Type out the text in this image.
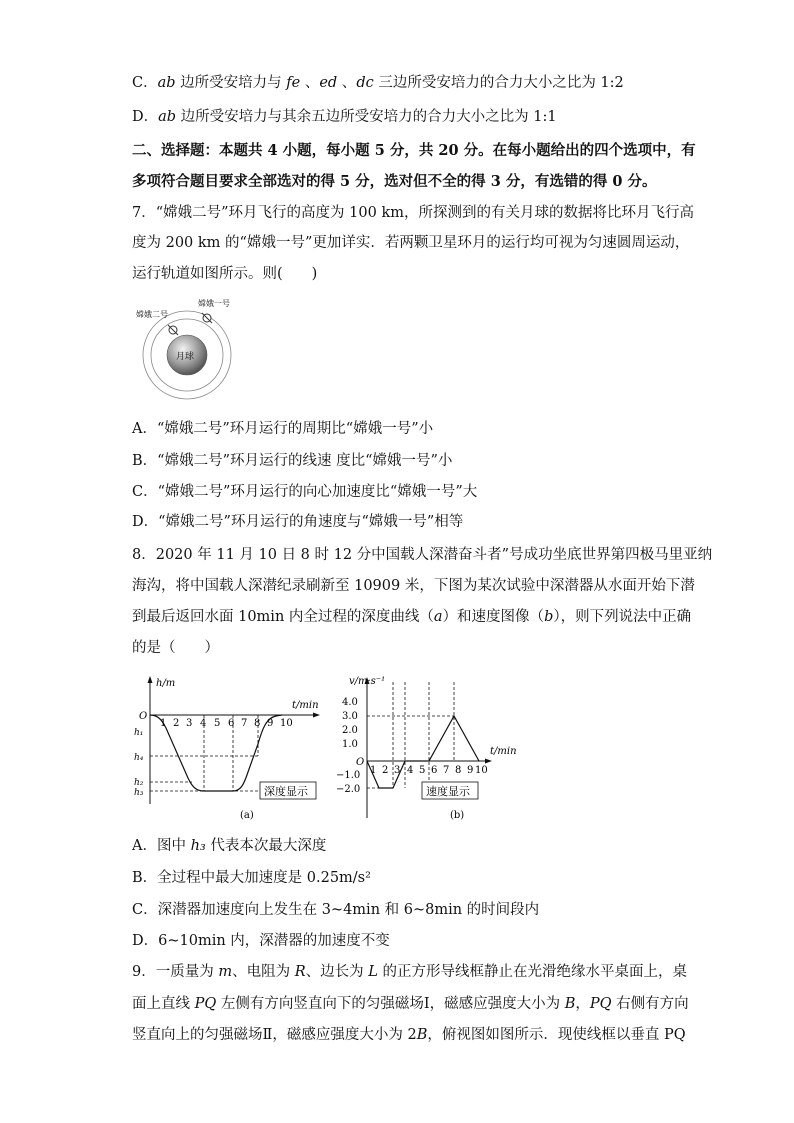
C．ab 边所受安培力与 fe 、ed 、dc 三边所受安培力的合力大小之比为 1:2
D．ab 边所受安培力与其余五边所受安培力的合力大小之比为 1:1
二、选择题：本题共 4 小题，每小题 5 分，共 20 分。在每小题给出的四个选项中，有
多项符合题目要求全部选对的得 5 分，选对但不全的得 3 分，有选错的得 0 分。
7．“嫦娥二号”环月飞行的高度为 100 km，所探测到的有关月球的数据将比环月飞行高
度为 200 km 的“嫦娥一号”更加详实．若两颗卫星环月的运行均可视为匀速圆周运动，
运行轨道如图所示。则(　　)
月球
嫦娥二号
嫦娥一号
A．“嫦娥二号”环月运行的周期比“嫦娥一号”小
B．“嫦娥二号”环月运行的线速 度比“嫦娥一号”小
C．“嫦娥二号”环月运行的向心加速度比“嫦娥一号”大
D．“嫦娥二号”环月运行的角速度与“嫦娥一号”相等
8．2020 年 11 月 10 日 8 时 12 分中国载人深潜奋斗者”号成功坐底世界第四极马里亚纳
海沟，将中国载人深潜纪录刷新至 10909 米，下图为某次试验中深潜器从水面开始下潜
到最后返回水面 10min 内全过程的深度曲线（a）和速度图像（b），则下列说法中正确
的是（　　）
h/m
t/min
O
1 2 3 4 5 6 7 8 9 10
h₁
h₄
h₂
h₃	深度显示
(a)
v/m·s⁻¹
t/min
O
4.0
3.0
2.0
1.0
−1.0
−2.0
1 2 3 4 5 6 7 8 9 10
速度显示
(b)
A．图中 h₃ 代表本次最大深度
B．全过程中最大加速度是 0.25m/s²
C．深潜器加速度向上发生在 3~4min 和 6~8min 的时间段内
D．6~10min 内，深潜器的加速度不变
9．一质量为 m、电阻为 R、边长为 L 的正方形导线框静止在光滑绝缘水平桌面上，桌
面上直线 PQ 左侧有方向竖直向下的匀强磁场Ⅰ，磁感应强度大小为 B，PQ 右侧有方向
竖直向上的匀强磁场Ⅱ，磁感应强度大小为 2B，俯视图如图所示．现使线框以垂直 PQ
